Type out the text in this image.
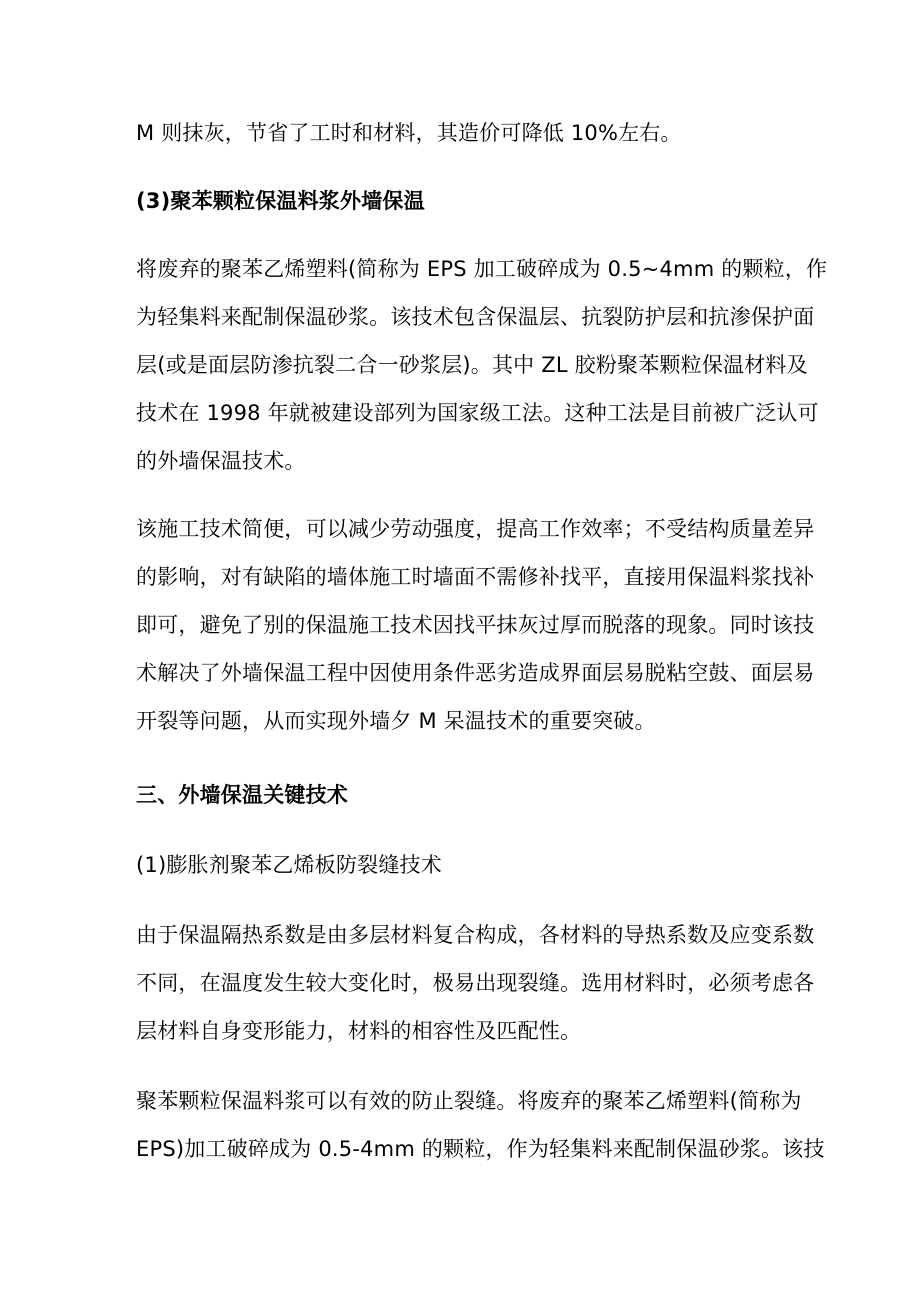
M 则抹灰，节省了工时和材料，其造价可降低 10%左右。

(3)聚苯颗粒保温料浆外墙保温

将废弃的聚苯乙烯塑料(简称为 EPS 加工破碎成为 0.5~4mm 的颗粒，作
为轻集料来配制保温砂浆。该技术包含保温层、抗裂防护层和抗渗保护面
层(或是面层防渗抗裂二合一砂浆层)。其中 ZL 胶粉聚苯颗粒保温材料及
技术在 1998 年就被建设部列为国家级工法。这种工法是目前被广泛认可
的外墙保温技术。

该施工技术简便，可以减少劳动强度，提高工作效率；不受结构质量差异
的影响，对有缺陷的墙体施工时墙面不需修补找平，直接用保温料浆找补
即可，避免了别的保温施工技术因找平抹灰过厚而脱落的现象。同时该技
术解决了外墙保温工程中因使用条件恶劣造成界面层易脱粘空鼓、面层易
开裂等问题，从而实现外墙夕 M 呆温技术的重要突破。

三、外墙保温关键技术

(1)膨胀剂聚苯乙烯板防裂缝技术

由于保温隔热系数是由多层材料复合构成，各材料的导热系数及应变系数
不同，在温度发生较大变化时，极易出现裂缝。选用材料时，必须考虑各
层材料自身变形能力，材料的相容性及匹配性。

聚苯颗粒保温料浆可以有效的防止裂缝。将废弃的聚苯乙烯塑料(简称为
EPS)加工破碎成为 0.5-4mm 的颗粒，作为轻集料来配制保温砂浆。该技
